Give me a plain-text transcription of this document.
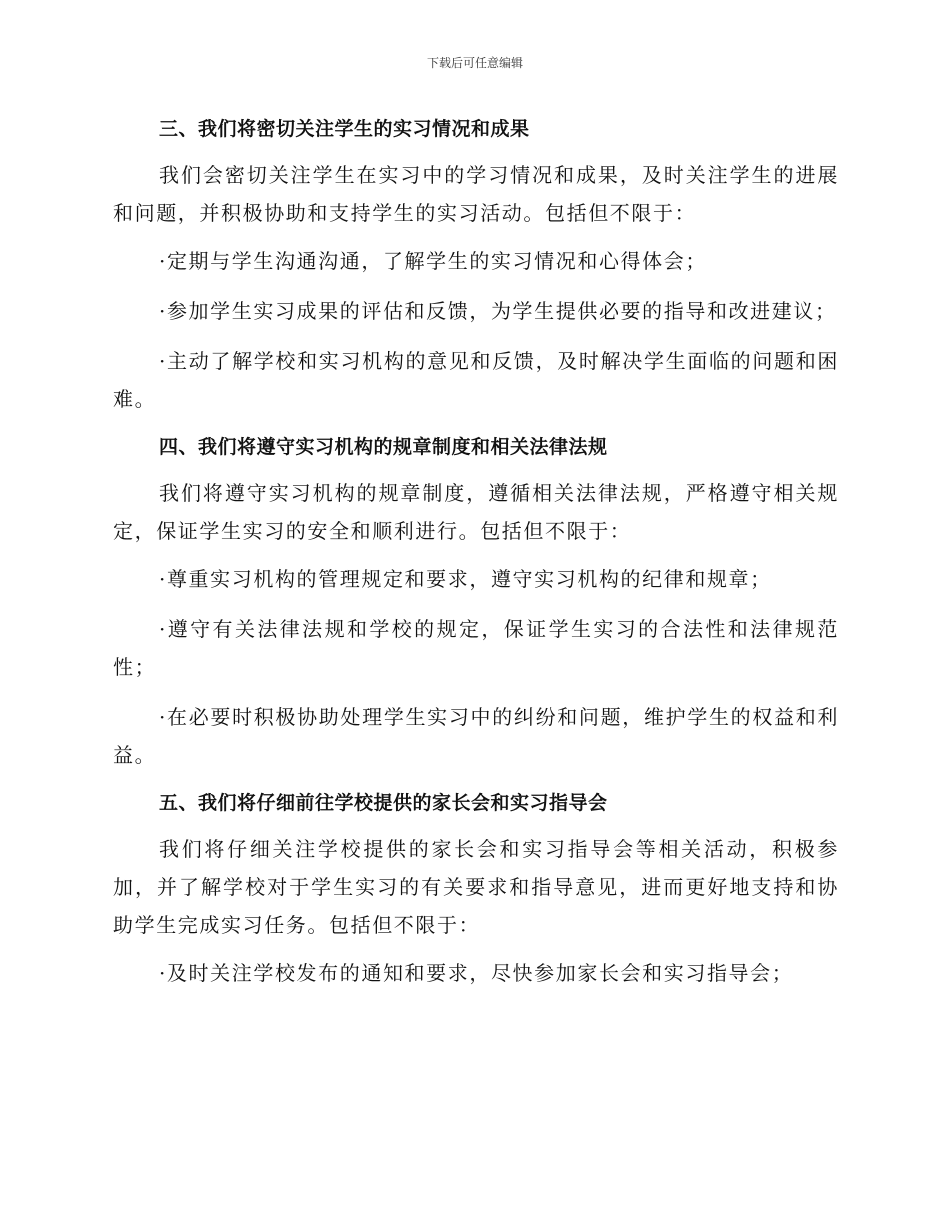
下载后可任意编辑
三、我们将密切关注学生的实习情况和成果

我们会密切关注学生在实习中的学习情况和成果，及时关注学生的进展和问题，并积极协助和支持学生的实习活动。包括但不限于：

·定期与学生沟通沟通，了解学生的实习情况和心得体会；

·参加学生实习成果的评估和反馈，为学生提供必要的指导和改进建议；

·主动了解学校和实习机构的意见和反馈，及时解决学生面临的问题和困难。

四、我们将遵守实习机构的规章制度和相关法律法规

我们将遵守实习机构的规章制度，遵循相关法律法规，严格遵守相关规定，保证学生实习的安全和顺利进行。包括但不限于：

·尊重实习机构的管理规定和要求，遵守实习机构的纪律和规章；

·遵守有关法律法规和学校的规定，保证学生实习的合法性和法律规范性；

·在必要时积极协助处理学生实习中的纠纷和问题，维护学生的权益和利益。

五、我们将仔细前往学校提供的家长会和实习指导会

我们将仔细关注学校提供的家长会和实习指导会等相关活动，积极参加，并了解学校对于学生实习的有关要求和指导意见，进而更好地支持和协助学生完成实习任务。包括但不限于：

·及时关注学校发布的通知和要求，尽快参加家长会和实习指导会；
